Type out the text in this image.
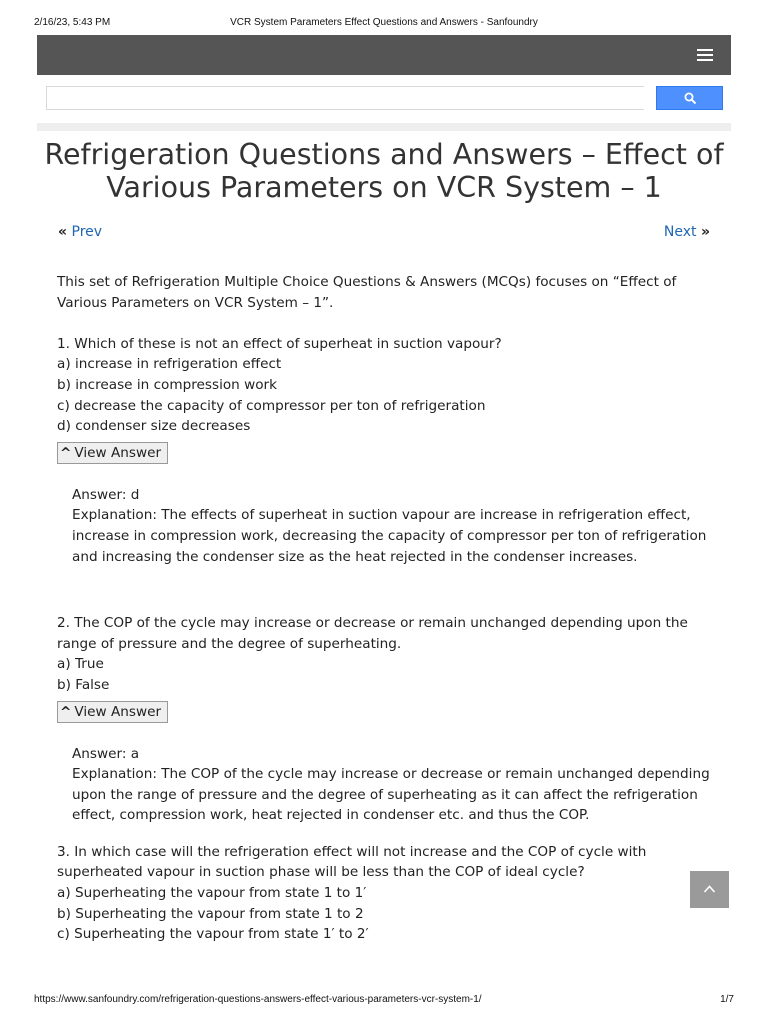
2/16/23, 5:43 PM	VCR System Parameters Effect Questions and Answers - Sanfoundry
Refrigeration Questions and Answers – Effect of Various Parameters on VCR System – 1
« Prev	Next »

This set of Refrigeration Multiple Choice Questions & Answers (MCQs) focuses on “Effect of Various Parameters on VCR System – 1”.

1. Which of these is not an effect of superheat in suction vapour?

a) increase in refrigeration effect

b) increase in compression work

c) decrease the capacity of compressor per ton of refrigeration

d) condenser size decreases

^ View Answer

Answer: d

Explanation: The effects of superheat in suction vapour are increase in refrigeration effect, increase in compression work, decreasing the capacity of compressor per ton of refrigeration and increasing the condenser size as the heat rejected in the condenser increases.

2. The COP of the cycle may increase or decrease or remain unchanged depending upon the range of pressure and the degree of superheating.

a) True

b) False

^ View Answer

Answer: a

Explanation: The COP of the cycle may increase or decrease or remain unchanged depending upon the range of pressure and the degree of superheating as it can affect the refrigeration effect, compression work, heat rejected in condenser etc. and thus the COP.

3. In which case will the refrigeration effect will not increase and the COP of cycle with superheated vapour in suction phase will be less than the COP of ideal cycle?

a) Superheating the vapour from state 1 to 1′

b) Superheating the vapour from state 1 to 2

c) Superheating the vapour from state 1′ to 2′

https://www.sanfoundry.com/refrigeration-questions-answers-effect-various-parameters-vcr-system-1/	1/7
